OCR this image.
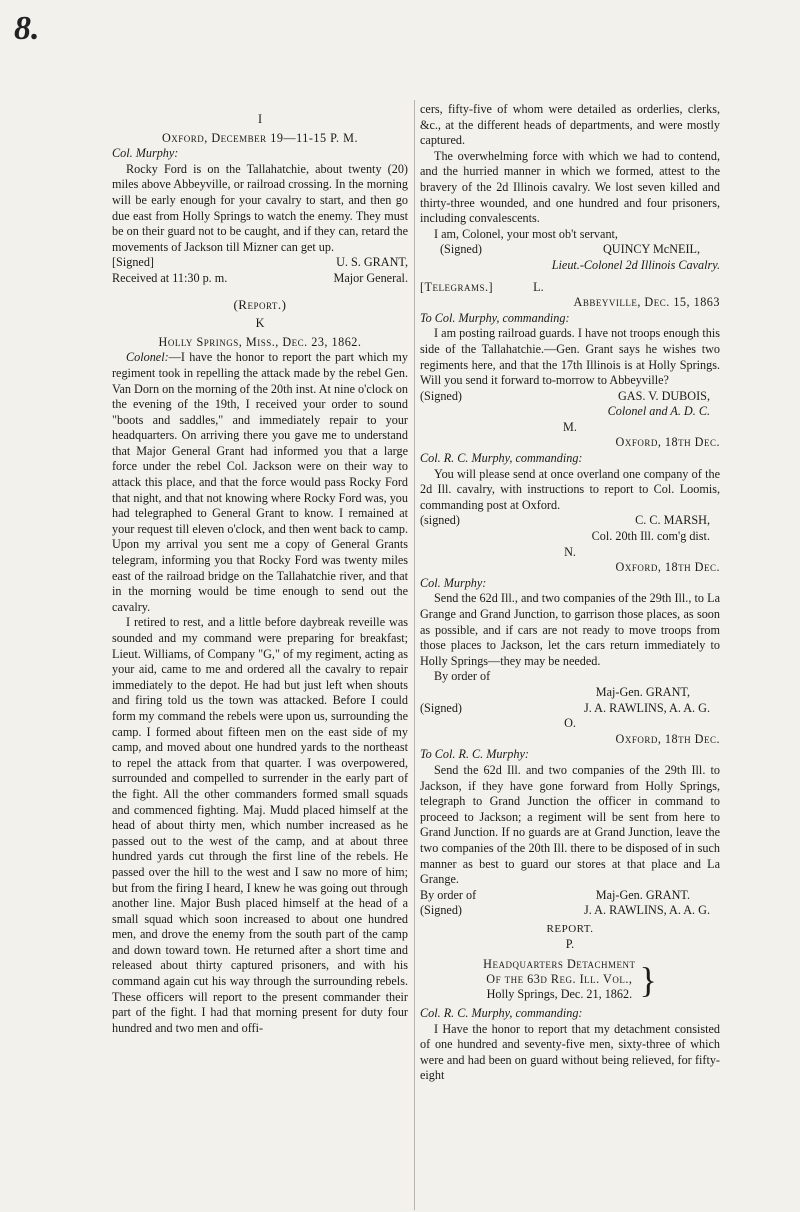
8.

I

Oxford, December 19—11-15 P. M.

Col. Murphy:

Rocky Ford is on the Tallahatchie, about twenty (20) miles above Abbeyville, or railroad crossing. In the morning will be early enough for your cavalry to start, and then go due east from Holly Springs to watch the enemy. They must be on their guard not to be caught, and if they can, retard the movements of Jackson till Mizner can get up.

[Signed]	U. S. GRANT,
Received at 11:30 p. m.	Major General.

(Report.)

K

Holly Springs, Miss., Dec. 23, 1862.

Colonel:—I have the honor to report the part which my regiment took in repelling the attack made by the rebel Gen. Van Dorn on the morning of the 20th inst. At nine o'clock on the evening of the 19th, I received your order to sound "boots and saddles," and immediately repair to your headquarters. On arriving there you gave me to understand that Major General Grant had informed you that a large force under the rebel Col. Jackson were on their way to attack this place, and that the force would pass Rocky Ford that night, and that not knowing where Rocky Ford was, you had telegraphed to General Grant to know. I remained at your request till eleven o'clock, and then went back to camp. Upon my arrival you sent me a copy of General Grants telegram, informing you that Rocky Ford was twenty miles east of the railroad bridge on the Tallahatchie river, and that in the morning would be time enough to send out the cavalry.

I retired to rest, and a little before daybreak reveille was sounded and my command were preparing for breakfast; Lieut. Williams, of Company "G," of my regiment, acting as your aid, came to me and ordered all the cavalry to repair immediately to the depot. He had but just left when shouts and firing told us the town was attacked. Before I could form my command the rebels were upon us, surrounding the camp. I formed about fifteen men on the east side of my camp, and moved about one hundred yards to the northeast to repel the attack from that quarter. I was overpowered, surrounded and compelled to surrender in the early part of the fight. All the other commanders formed small squads and commenced fighting. Maj. Mudd placed himself at the head of about thirty men, which number increased as he passed out to the west of the camp, and at about three hundred yards cut through the first line of the rebels. He passed over the hill to the west and I saw no more of him; but from the firing I heard, I knew he was going out through another line. Major Bush placed himself at the head of a small squad which soon increased to about one hundred men, and drove the enemy from the south part of the camp and down toward town. He returned after a short time and released about thirty captured prisoners, and with his command again cut his way through the surrounding rebels. These officers will report to the present commander their part of the fight. I had that morning present for duty four hundred and two men and offi-

cers, fifty-five of whom were detailed as orderlies, clerks, &c., at the different heads of departments, and were mostly captured.

The overwhelming force with which we had to contend, and the hurried manner in which we formed, attest to the bravery of the 2d Illinois cavalry. We lost seven killed and thirty-three wounded, and one hundred and four prisoners, including convalescents.

I am, Colonel, your most ob't servant,

(Signed)	QUINCY McNEIL,

Lieut.-Colonel 2d Illinois Cavalry.

[Telegrams.]	L.

Abbeyville, Dec. 15, 1863

To Col. Murphy, commanding:

I am posting railroad guards. I have not troops enough this side of the Tallahatchie.—Gen. Grant says he wishes two regiments here, and that the 17th Illinois is at Holly Springs. Will you send it forward to-morrow to Abbeyville?

(Signed)	GAS. V. DUBOIS,

Colonel and A. D. C.

M.

Oxford, 18th Dec.

Col. R. C. Murphy, commanding:

You will please send at once overland one company of the 2d Ill. cavalry, with instructions to report to Col. Loomis, commanding post at Oxford.

(signed)	C. C. MARSH,

Col. 20th Ill. com'g dist.

N.

Oxford, 18th Dec.

Col. Murphy:

Send the 62d Ill., and two companies of the 29th Ill., to La Grange and Grand Junction, to garrison those places, as soon as possible, and if cars are not ready to move troops from those places to Jackson, let the cars return immediately to Holly Springs—they may be needed.

By order of

Maj-Gen. GRANT,

(Signed)	J. A. RAWLINS, A. A. G.

O.

Oxford, 18th Dec.

To Col. R. C. Murphy:

Send the 62d Ill. and two companies of the 29th Ill. to Jackson, if they have gone forward from Holly Springs, telegraph to Grand Junction the officer in command to proceed to Jackson; a regiment will be sent from here to Grand Junction. If no guards are at Grand Junction, leave the two companies of the 20th Ill. there to be disposed of in such manner as best to guard our stores at that place and La Grange.

By order of	Maj-Gen. GRANT.
(Signed)	J. A. RAWLINS, A. A. G.

REPORT.

P.

Headquarters Detachment
Of the 63d Reg. Ill. Vol.,
Holly Springs, Dec. 21, 1862. }

Col. R. C. Murphy, commanding:

I Have the honor to report that my detachment consisted of one hundred and seventy-five men, sixty-three of which were and had been on guard without being relieved, for fifty-eight
